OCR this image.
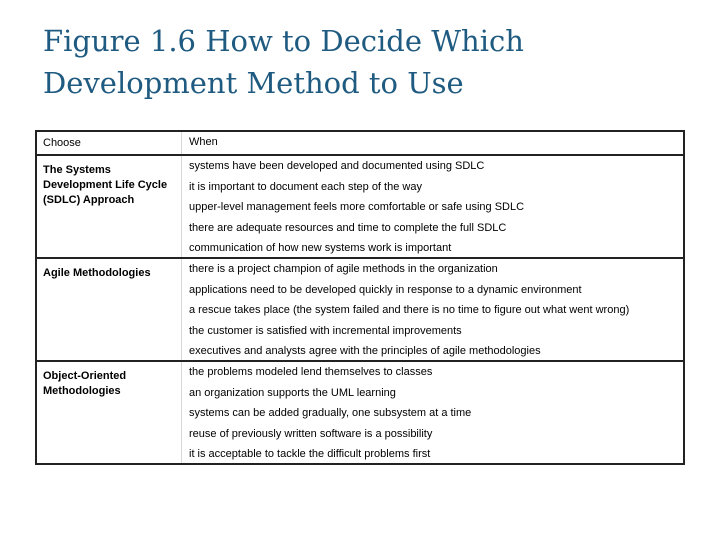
Figure 1.6 How to Decide Which Development Method to Use
Choose	When
The Systems Development Life Cycle (SDLC) Approach
systems have been developed and documented using SDLC
it is important to document each step of the way
upper-level management feels more comfortable or safe using SDLC
there are adequate resources and time to complete the full SDLC
communication of how new systems work is important
Agile Methodologies	there is a project champion of agile methods in the organization
applications need to be developed quickly in response to a dynamic environment
a rescue takes place (the system failed and there is no time to figure out what went wrong)
the customer is satisfied with incremental improvements
executives and analysts agree with the principles of agile methodologies
Object-Oriented Methodologies
the problems modeled lend themselves to classes
an organization supports the UML learning
systems can be added gradually, one subsystem at a time
reuse of previously written software is a possibility
it is acceptable to tackle the difficult problems first
